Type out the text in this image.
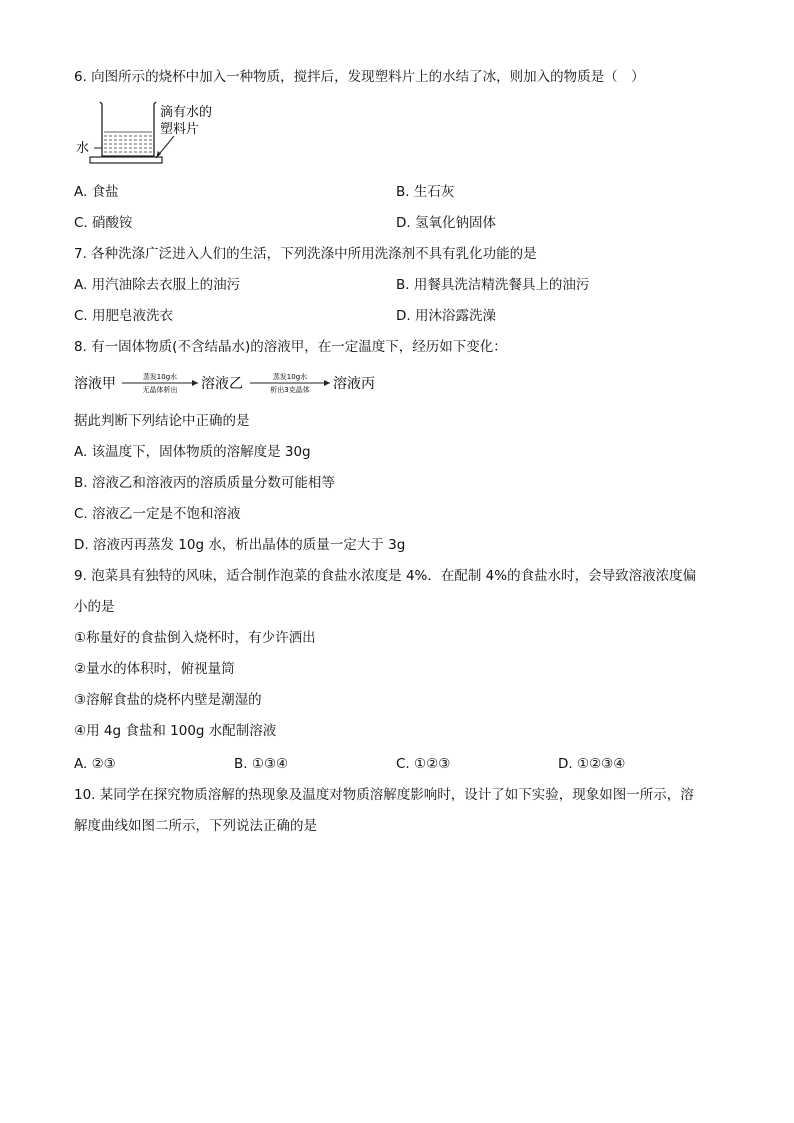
6. 向图所示的烧杯中加入一种物质，搅拌后，发现塑料片上的水结了冰，则加入的物质是（　）
水
滴有水的
塑料片
A. 食盐	B. 生石灰
C. 硝酸铵	D. 氢氧化钠固体
7. 各种洗涤广泛进入人们的生活，下列洗涤中所用洗涤剂不具有乳化功能的是
A. 用汽油除去衣服上的油污	B. 用餐具洗洁精洗餐具上的油污
C. 用肥皂液洗衣	D. 用沐浴露洗澡
8. 有一固体物质(不含结晶水)的溶液甲，在一定温度下，经历如下变化：
溶液甲	蒸发10g水
无晶体析出 溶液乙	蒸发10g水
析出3克晶体 溶液丙
据此判断下列结论中正确的是
A. 该温度下，固体物质的溶解度是 30g
B. 溶液乙和溶液丙的溶质质量分数可能相等
C. 溶液乙一定是不饱和溶液
D. 溶液丙再蒸发 10g 水，析出晶体的质量一定大于 3g
9. 泡菜具有独特的风味，适合制作泡菜的食盐水浓度是 4%．在配制 4%的食盐水时，会导致溶液浓度偏
小的是
①称量好的食盐倒入烧杯时，有少许洒出
②量水的体积时，俯视量筒
③溶解食盐的烧杯内壁是潮湿的
④用 4g 食盐和 100g 水配制溶液
A. ②③	B. ①③④	C. ①②③	D. ①②③④
10. 某同学在探究物质溶解的热现象及温度对物质溶解度影响时，设计了如下实验，现象如图一所示，溶
解度曲线如图二所示，下列说法正确的是
